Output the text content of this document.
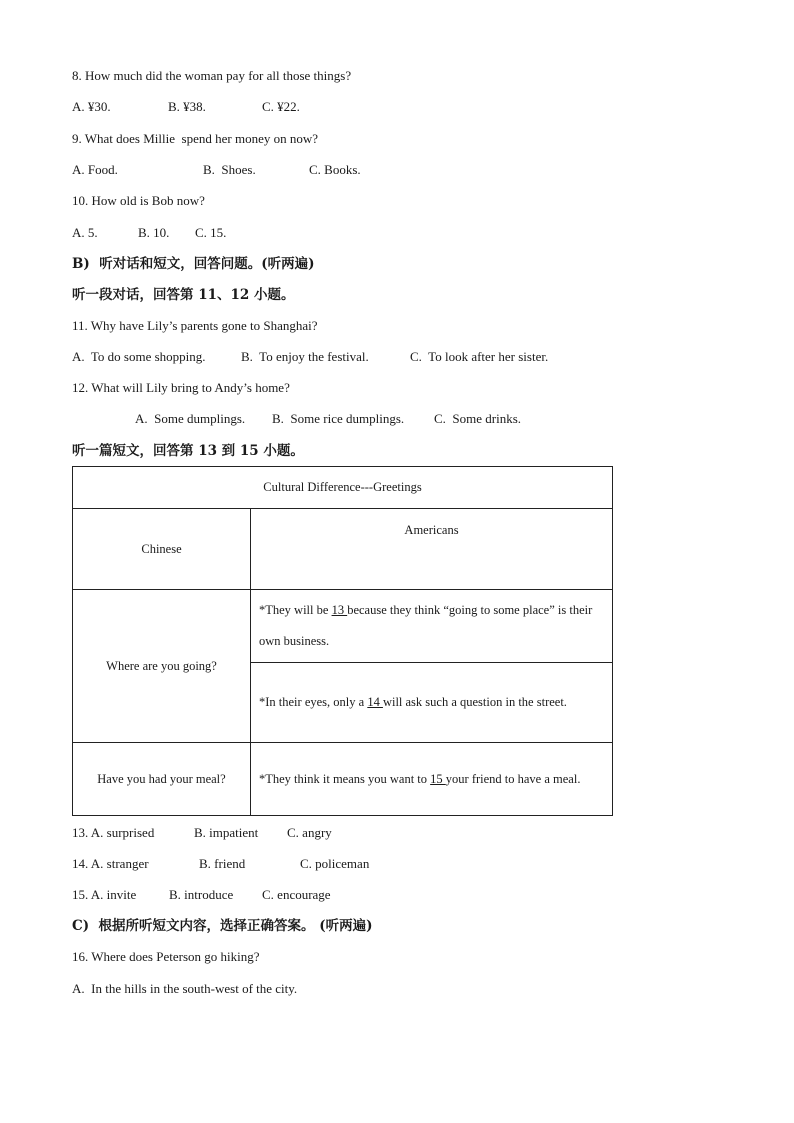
8. How much did the woman pay for all those things?
A. ¥30.	B. ¥38.	C. ¥22.
9. What does Millie  spend her money on now?
A. Food.	B.  Shoes.	C. Books.
10. How old is Bob now?
A. 5.	B. 10. C. 15.
B)  听对话和短文，回答问题。(听两遍)
听一段对话，回答第 11、12 小题。
11. Why have Lily’s parents gone to Shanghai?
A.  To do some shopping.	B.  To enjoy the festival.	C.  To look after her sister.
12. What will Lily bring to Andy’s home?
A.  Some dumplings. B.  Some rice dumplings. C.  Some drinks.
听一篇短文，回答第 13 到 15 小题。
Cultural Difference---Greetings	
Chinese	Americans
Where are you going?	*They will be 13 because they think “going to some place” is their own business.

	*In their eyes, only a 14 will ask such a question in the street.

Have you had your meal?	*They think it means you want to 15 your friend to have a meal.
13. A. surprised	B. impatient C. angry
14. A. stranger	B. friend	C. policeman
15. A. invite	B. introduce C. encourage
C)  根据所听短文内容，选择正确答案。 (听两遍)
16. Where does Peterson go hiking?
A.  In the hills in the south-west of the city.
